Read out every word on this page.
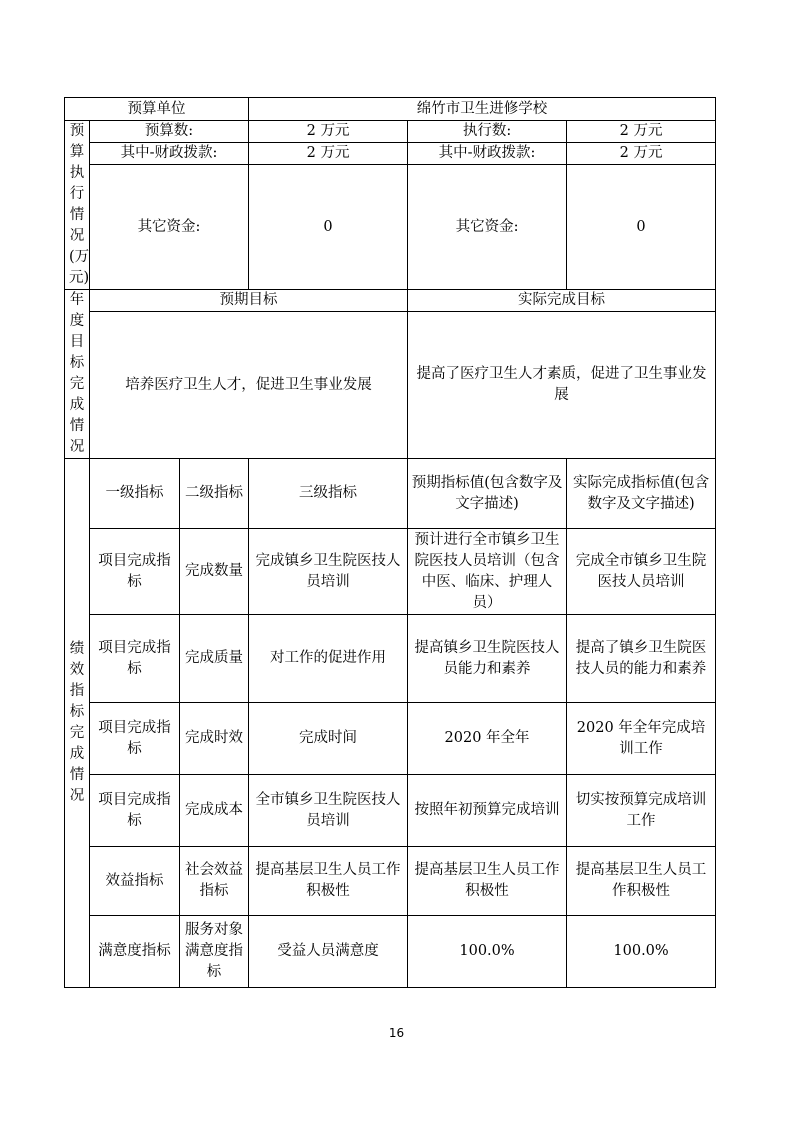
预算单位			绵竹市卫生进修学校		
预算执行情况(万元)	预算数:		2 万元	执行数:	2 万元
	其中-财政拨款:		2 万元	其中-财政拨款:	2 万元
	其它资金:		0	其它资金:	0
年度目标完成情况	预期目标			实际完成目标	
	培养医疗卫生人才，促进卫生事业发展			提高了医疗卫生人才素质，促进了卫生事业发展	
绩效指标完成情况	一级指标	二级指标	三级指标	预期指标值(包含数字及文字描述)	实际完成指标值(包含数字及文字描述)
	项目完成指标	完成数量	完成镇乡卫生院医技人员培训	预计进行全市镇乡卫生院医技人员培训（包含中医、临床、护理人员）	完成全市镇乡卫生院医技人员培训
	项目完成指标	完成质量	对工作的促进作用	提高镇乡卫生院医技人员能力和素养	提高了镇乡卫生院医技人员的能力和素养
	项目完成指标	完成时效	完成时间	2020 年全年	2020 年全年完成培训工作
	项目完成指标	完成成本	全市镇乡卫生院医技人员培训	按照年初预算完成培训	切实按预算完成培训工作
	效益指标	社会效益指标	提高基层卫生人员工作积极性	提高基层卫生人员工作积极性	提高基层卫生人员工作积极性
	满意度指标	服务对象满意度指标	受益人员满意度	100.0%	100.0%
16
